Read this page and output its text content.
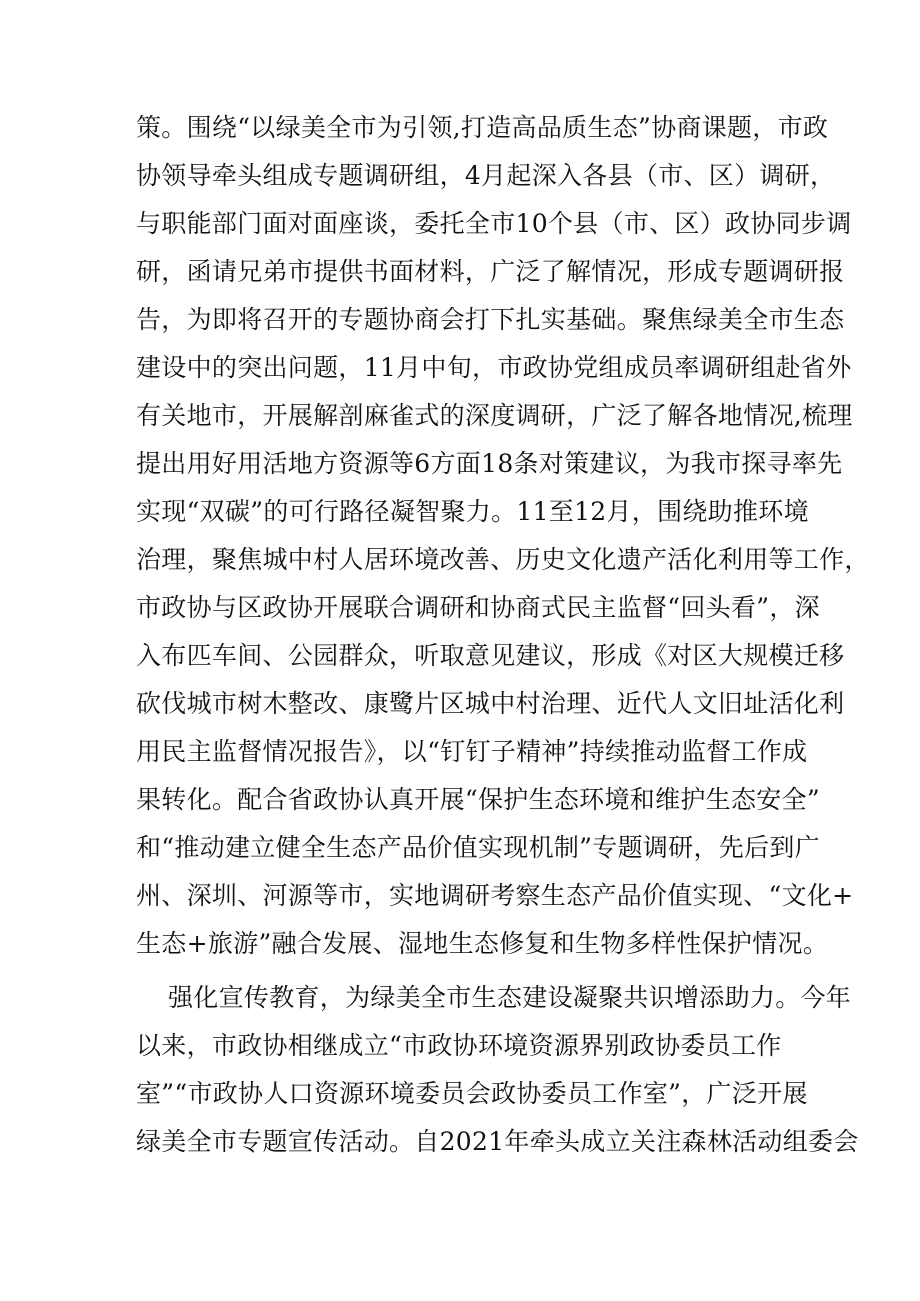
策。围绕“以绿美全市为引领,打造高品质生态”协商课题，市政
协领导牵头组成专题调研组，4月起深入各县（市、区）调研，
与职能部门面对面座谈，委托全市10个县（市、区）政协同步调
研，函请兄弟市提供书面材料，广泛了解情况，形成专题调研报
告，为即将召开的专题协商会打下扎实基础。聚焦绿美全市生态
建设中的突出问题，11月中旬，市政协党组成员率调研组赴省外
有关地市，开展解剖麻雀式的深度调研，广泛了解各地情况,梳理
提出用好用活地方资源等6方面18条对策建议，为我市探寻率先
实现“双碳”的可行路径凝智聚力。11至12月，围绕助推环境
治理，聚焦城中村人居环境改善、历史文化遗产活化利用等工作，
市政协与区政协开展联合调研和协商式民主监督“回头看”，深
入布匹车间、公园群众，听取意见建议，形成《对区大规模迁移
砍伐城市树木整改、康鹭片区城中村治理、近代人文旧址活化利
用民主监督情况报告》，以“钉钉子精神”持续推动监督工作成
果转化。配合省政协认真开展“保护生态环境和维护生态安全”
和“推动建立健全生态产品价值实现机制”专题调研，先后到广
州、深圳、河源等市，实地调研考察生态产品价值实现、“文化+
生态+旅游”融合发展、湿地生态修复和生物多样性保护情况。
强化宣传教育，为绿美全市生态建设凝聚共识增添助力。今年
以来，市政协相继成立“市政协环境资源界别政协委员工作
室”“市政协人口资源环境委员会政协委员工作室”，广泛开展
绿美全市专题宣传活动。自2021年牵头成立关注森林活动组委会
